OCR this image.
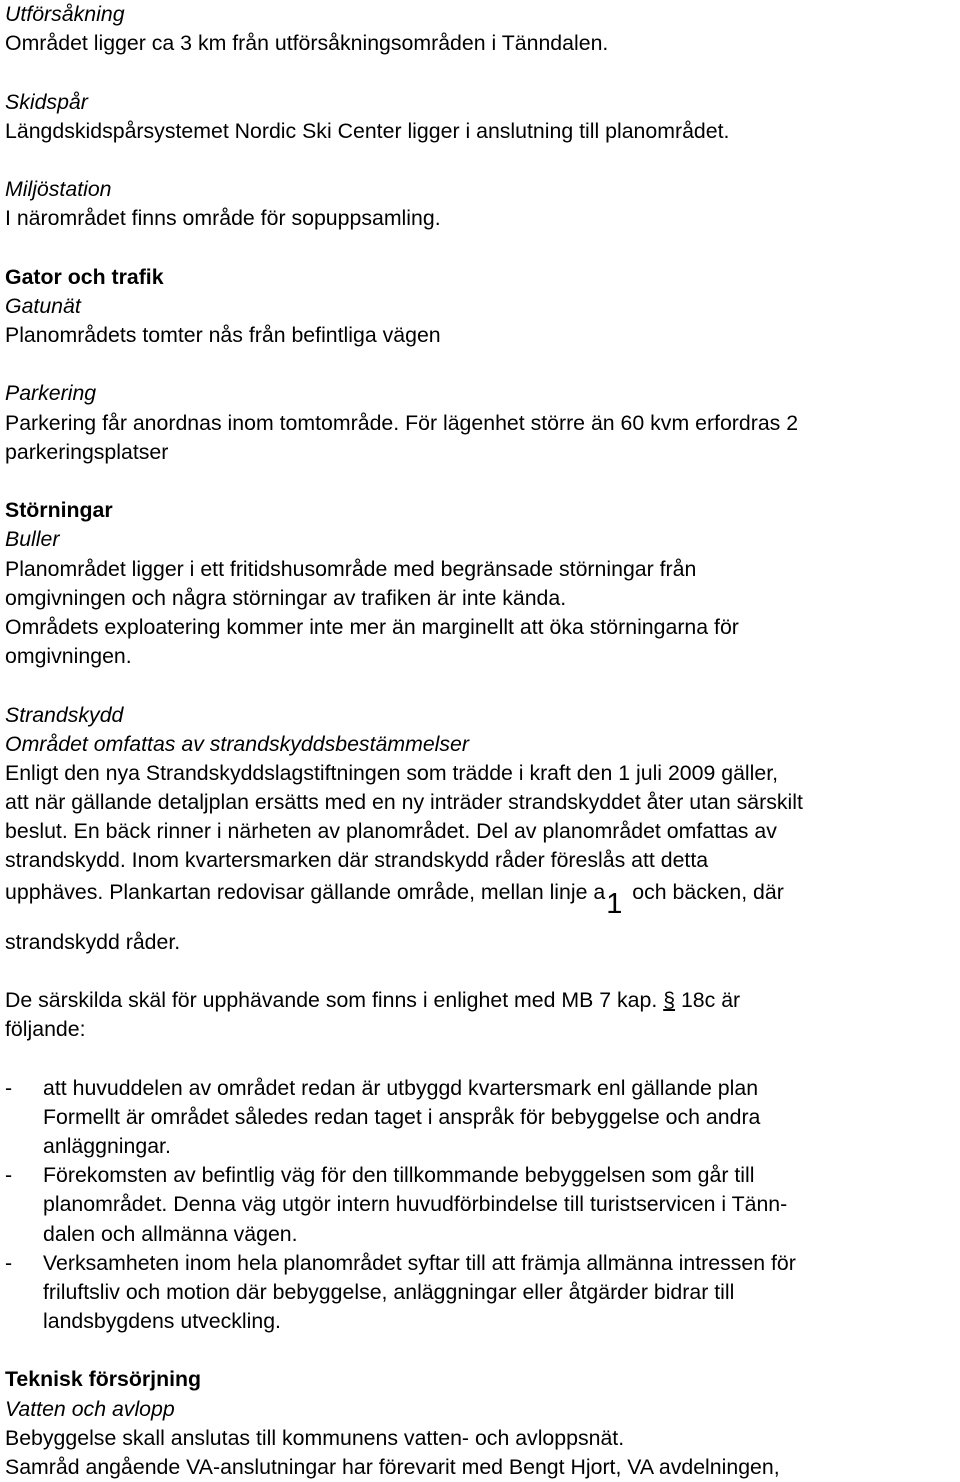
Utförsåkning
Området ligger ca 3 km från utförsåkningsområden i Tänndalen.
Skidspår
Längdskidspårsystemet Nordic Ski Center ligger i anslutning till planområdet.
Miljöstation
I närområdet finns område för sopuppsamling.
Gator och trafik
Gatunät
Planområdets tomter nås från befintliga vägen
Parkering
Parkering får anordnas inom tomtområde. För lägenhet större än 60 kvm erfordras 2
parkeringsplatser
Störningar
Buller
Planområdet ligger i ett fritidshusområde med begränsade störningar från
omgivningen och några störningar av trafiken är inte kända.
Områdets exploatering kommer inte mer än marginellt att öka störningarna för
omgivningen.
Strandskydd
Området omfattas av strandskyddsbestämmelser
Enligt den nya Strandskyddslagstiftningen som trädde i kraft den 1 juli 2009 gäller,
att när gällande detaljplan ersätts med en ny inträder strandskyddet åter utan särskilt
beslut. En bäck rinner i närheten av planområdet. Del av planområdet omfattas av
strandskydd. Inom kvartersmarken där strandskydd råder föreslås att detta
upphäves. Plankartan redovisar gällande område, mellan linje a1 och bäcken, där
strandskydd råder.
De särskilda skäl för upphävande som finns i enlighet med MB 7 kap. § 18c är
följande:
- att huvuddelen av området redan är utbyggd kvartersmark enl gällande plan
Formellt är området således redan taget i anspråk för bebyggelse och andra
anläggningar.
- Förekomsten av befintlig väg för den tillkommande bebyggelsen som går till
planområdet. Denna väg utgör intern huvudförbindelse till turistservicen i Tänn-
dalen och allmänna vägen.
- Verksamheten inom hela planområdet syftar till att främja allmänna intressen för
friluftsliv och motion där bebyggelse, anläggningar eller åtgärder bidrar till
landsbygdens utveckling.
Teknisk försörjning
Vatten och avlopp
Bebyggelse skall anslutas till kommunens vatten- och avloppsnät.
Samråd angående VA-anslutningar har förevarit med Bengt Hjort, VA avdelningen,
